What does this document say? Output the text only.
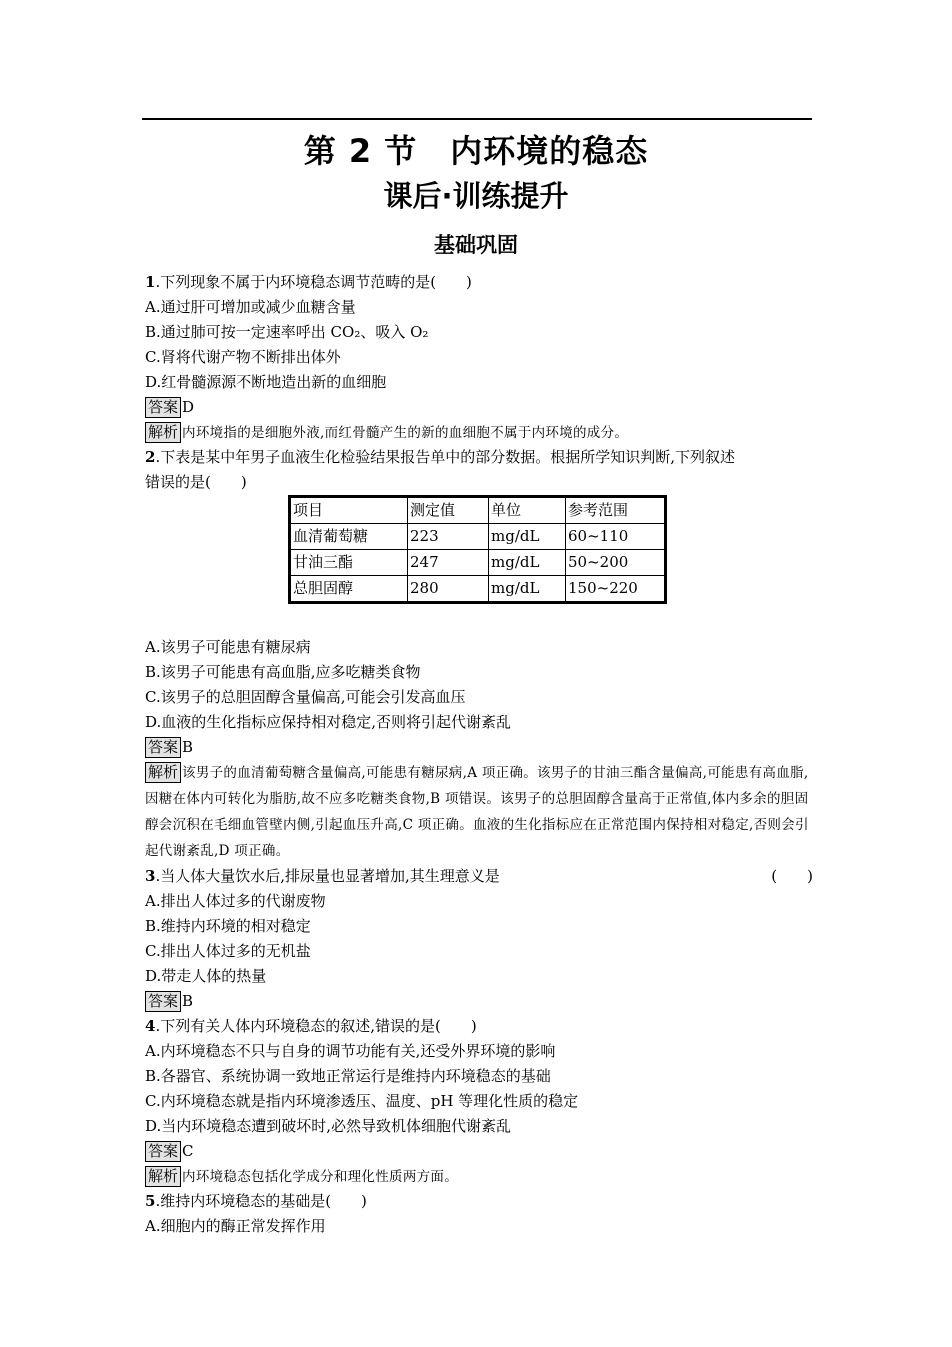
第 2 节　内环境的稳态
课后·训练提升
基础巩固
1.下列现象不属于内环境稳态调节范畴的是(　　)
A.通过肝可增加或减少血糖含量
B.通过肺可按一定速率呼出 CO₂、吸入 O₂
C.肾将代谢产物不断排出体外
D.红骨髓源源不断地造出新的血细胞
答案 D
解析 内环境指的是细胞外液,而红骨髓产生的新的血细胞不属于内环境的成分。
2.下表是某中年男子血液生化检验结果报告单中的部分数据。根据所学知识判断,下列叙述
错误的是(　　)
项目	测定值	单位	参考范围
血清葡萄糖	223	mg/dL	60~110
甘油三酯	247	mg/dL	50~200
总胆固醇	280	mg/dL	150~220
A.该男子可能患有糖尿病
B.该男子可能患有高血脂,应多吃糖类食物
C.该男子的总胆固醇含量偏高,可能会引发高血压
D.血液的生化指标应保持相对稳定,否则将引起代谢紊乱
答案 B
解析 该男子的血清葡萄糖含量偏高,可能患有糖尿病,A 项正确。该男子的甘油三酯含量偏高,可能患有高血脂,因糖在体内可转化为脂肪,故不应多吃糖类食物,B 项错误。该男子的总胆固醇含量高于正常值,体内多余的胆固醇会沉积在毛细血管壁内侧,引起血压升高,C 项正确。血液的生化指标应在正常范围内保持相对稳定,否则会引起代谢紊乱,D 项正确。
3.当人体大量饮水后,排尿量也显著增加,其生理意义是	(　　)
A.排出人体过多的代谢废物
B.维持内环境的相对稳定
C.排出人体过多的无机盐
D.带走人体的热量
答案 B
4.下列有关人体内环境稳态的叙述,错误的是(　　)
A.内环境稳态不只与自身的调节功能有关,还受外界环境的影响
B.各器官、系统协调一致地正常运行是维持内环境稳态的基础
C.内环境稳态就是指内环境渗透压、温度、pH 等理化性质的稳定
D.当内环境稳态遭到破坏时,必然导致机体细胞代谢紊乱
答案 C
解析 内环境稳态包括化学成分和理化性质两方面。
5.维持内环境稳态的基础是(　　)
A.细胞内的酶正常发挥作用
